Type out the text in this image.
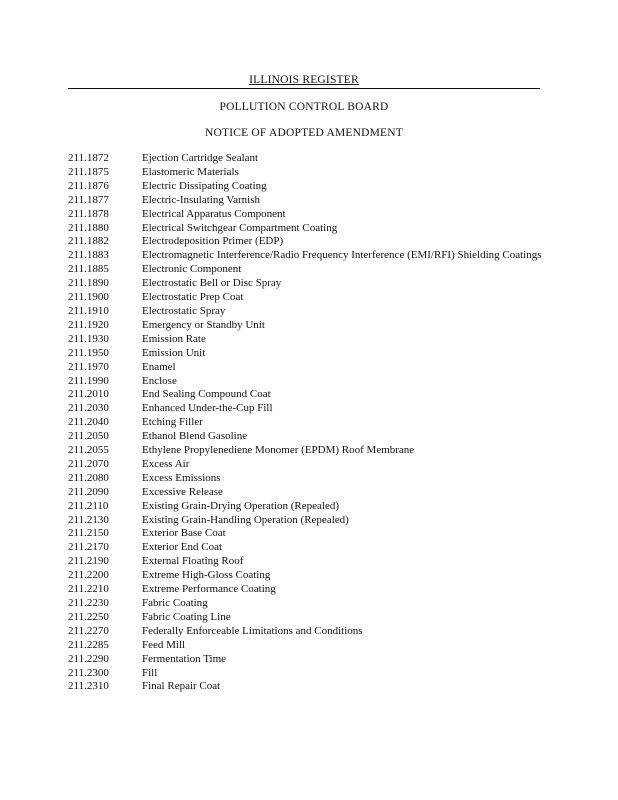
ILLINOIS REGISTER
POLLUTION CONTROL BOARD
NOTICE OF ADOPTED AMENDMENT
211.1872	Ejection Cartridge Sealant
211.1875	Elastomeric Materials
211.1876	Electric Dissipating Coating
211.1877	Electric-Insulating Varnish
211.1878	Electrical Apparatus Component
211.1880	Electrical Switchgear Compartment Coating
211.1882	Electrodeposition Primer (EDP)
211.1883	Electromagnetic Interference/Radio Frequency Interference (EMI/RFI) Shielding Coatings
211.1885	Electronic Component
211.1890	Electrostatic Bell or Disc Spray
211.1900	Electrostatic Prep Coat
211.1910	Electrostatic Spray
211.1920	Emergency or Standby Unit
211.1930	Emission Rate
211.1950	Emission Unit
211.1970	Enamel
211.1990	Enclose
211.2010	End Sealing Compound Coat
211.2030	Enhanced Under-the-Cup Fill
211.2040	Etching Filler
211.2050	Ethanol Blend Gasoline
211.2055	Ethylene Propylenediene Monomer (EPDM) Roof Membrane
211.2070	Excess Air
211.2080	Excess Emissions
211.2090	Excessive Release
211.2110	Existing Grain-Drying Operation (Repealed)
211.2130	Existing Grain-Handling Operation (Repealed)
211.2150	Exterior Base Coat
211.2170	Exterior End Coat
211.2190	External Floating Roof
211.2200	Extreme High-Gloss Coating
211.2210	Extreme Performance Coating
211.2230	Fabric Coating
211.2250	Fabric Coating Line
211.2270	Federally Enforceable Limitations and Conditions
211.2285	Feed Mill
211.2290	Fermentation Time
211.2300	Fill
211.2310	Final Repair Coat
